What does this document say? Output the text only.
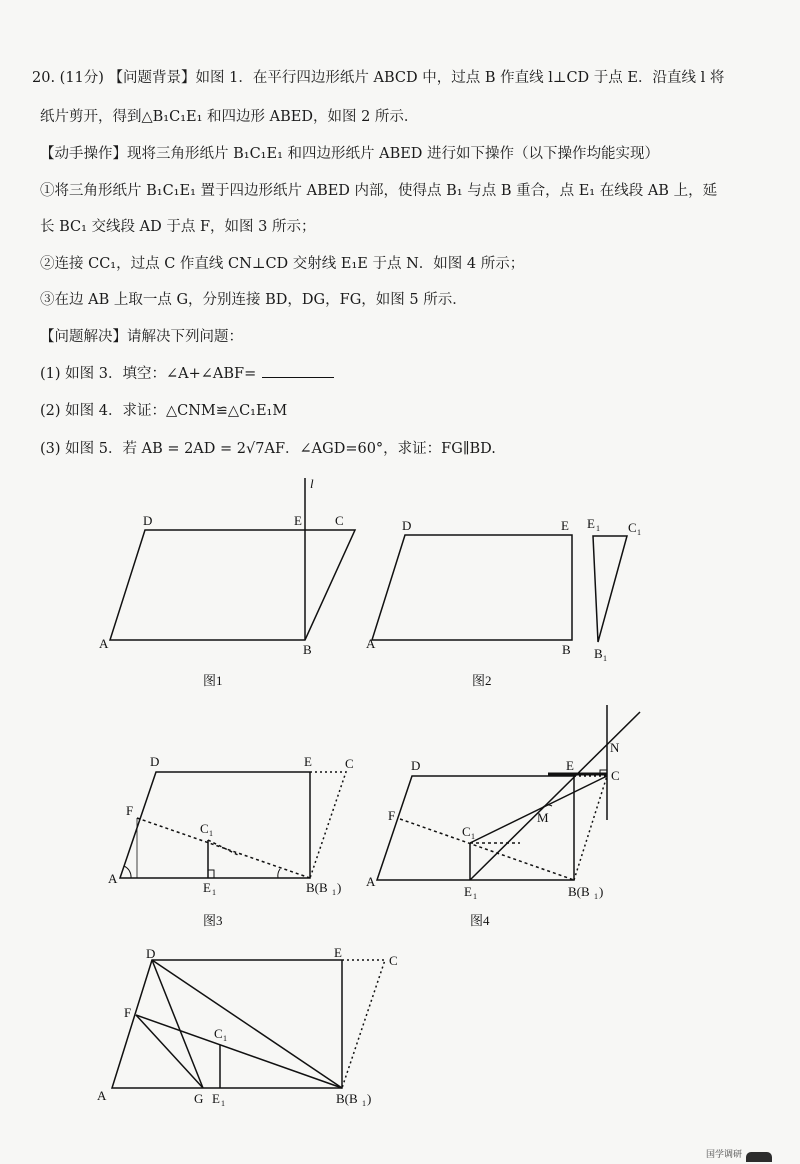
20. (11分) 【问题背景】如图 1．在平行四边形纸片 ABCD 中，过点 B 作直线 l⊥CD 于点 E．沿直线 l 将
纸片剪开，得到△B₁C₁E₁ 和四边形 ABED，如图 2 所示．
【动手操作】现将三角形纸片 B₁C₁E₁ 和四边形纸片 ABED 进行如下操作（以下操作均能实现）
①将三角形纸片 B₁C₁E₁ 置于四边形纸片 ABED 内部，使得点 B₁ 与点 B 重合，点 E₁ 在线段 AB 上，延
长 BC₁ 交线段 AD 于点 F，如图 3 所示；
②连接 CC₁，过点 C 作直线 CN⊥CD 交射线 E₁E 于点 N．如图 4 所示；
③在边 AB 上取一点 G，分别连接 BD，DG，FG，如图 5 所示．
【问题解决】请解决下列问题：
(1) 如图 3．填空：∠A+∠ABF=
(2) 如图 4．求证：△CNM≌△C₁E₁M
(3) 如图 5．若 AB = 2AD = 2√7AF．∠AGD=60°，求证：FG∥BD.
D	E	C
A	B
l
图1
D	E
A	B
E 1 C 1
B 1
图2
D	E	C
F
C 1
A
E 1	B(B 1 )
图3
D	E
N
C
F	M
C 1
A
E 1	B(B 1 )
图4
D	E
C
F
C 1
A	G E 1	B(B 1 )
国学调研
